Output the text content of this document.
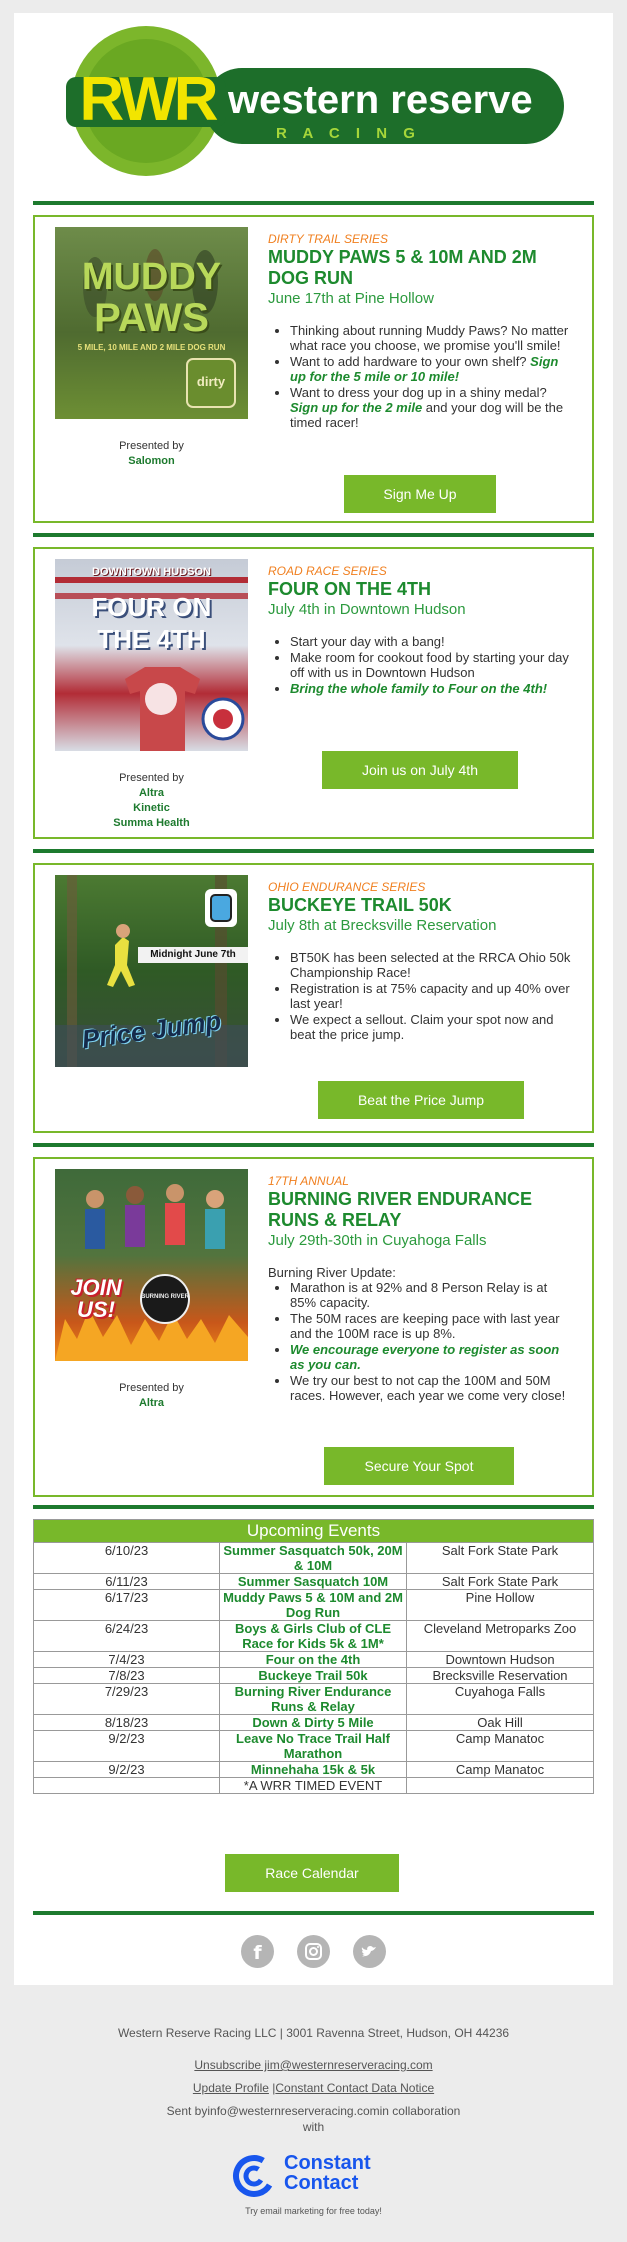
RWR western reserve
R A C I N G
MUDDY
PAWS
5 MILE, 10 MILE AND 2 MILE DOG RUN
dirty
Presented by
Salomon
DIRTY TRAIL SERIES
MUDDY PAWS 5 & 10M AND 2M DOG RUN
June 17th at Pine Hollow
• Thinking about running Muddy Paws? No matter what race you choose, we promise you'll smile!
• Want to add hardware to your own shelf? Sign up for the 5 mile or 10 mile!
• Want to dress your dog up in a shiny medal? Sign up for the 2 mile and your dog will be the timed racer!
Sign Me Up
DOWNTOWN HUDSON
FOUR ON
THE 4TH
Presented by
Altra
Kinetic
Summa Health
ROAD RACE SERIES
FOUR ON THE 4TH
July 4th in Downtown Hudson
• Start your day with a bang!
• Make room for cookout food by starting your day off with us in Downtown Hudson
• Bring the whole family to Four on the 4th!
Join us on July 4th
Midnight June 7th
Price Jump
OHIO ENDURANCE SERIES
BUCKEYE TRAIL 50K
July 8th at Brecksville Reservation
• BT50K has been selected at the RRCA Ohio 50k Championship Race!
• Registration is at 75% capacity and up 40% over last year!
• We expect a sellout. Claim your spot now and beat the price jump.
Beat the Price Jump
JOIN
US!	BURNING RIVER
Presented by
Altra
17TH ANNUAL
BURNING RIVER ENDURANCE RUNS & RELAY
July 29th-30th in Cuyahoga Falls
Burning River Update:
• Marathon is at 92% and 8 Person Relay is at 85% capacity.
• The 50M races are keeping pace with last year and the 100M race is up 8%.
• We encourage everyone to register as soon as you can.
• We try our best to not cap the 100M and 50M races. However, each year we come very close!
Secure Your Spot
Upcoming Events		
6/10/23	Summer Sasquatch 50k, 20M & 10M	Salt Fork State Park
6/11/23	Summer Sasquatch 10M	Salt Fork State Park
6/17/23	Muddy Paws 5 & 10M and 2M Dog Run	Pine Hollow
6/24/23	Boys & Girls Club of CLE Race for Kids 5k & 1M*	Cleveland Metroparks Zoo
7/4/23	Four on the 4th	Downtown Hudson
7/8/23	Buckeye Trail 50k	Brecksville Reservation
7/29/23	Burning River Endurance Runs & Relay	Cuyahoga Falls
8/18/23	Down & Dirty 5 Mile	Oak Hill
9/2/23	Leave No Trace Trail Half Marathon	Camp Manatoc
9/2/23	Minnehaha 15k & 5k	Camp Manatoc
	*A WRR TIMED EVENT	
Race Calendar
f
Western Reserve Racing LLC | 3001 Ravenna Street, Hudson, OH 44236
Unsubscribe jim@westernreserveracing.com
Update Profile |Constant Contact Data Notice
Sent byinfo@westernreserveracing.comin collaboration
with
Constant
Contact
Try email marketing for free today!
